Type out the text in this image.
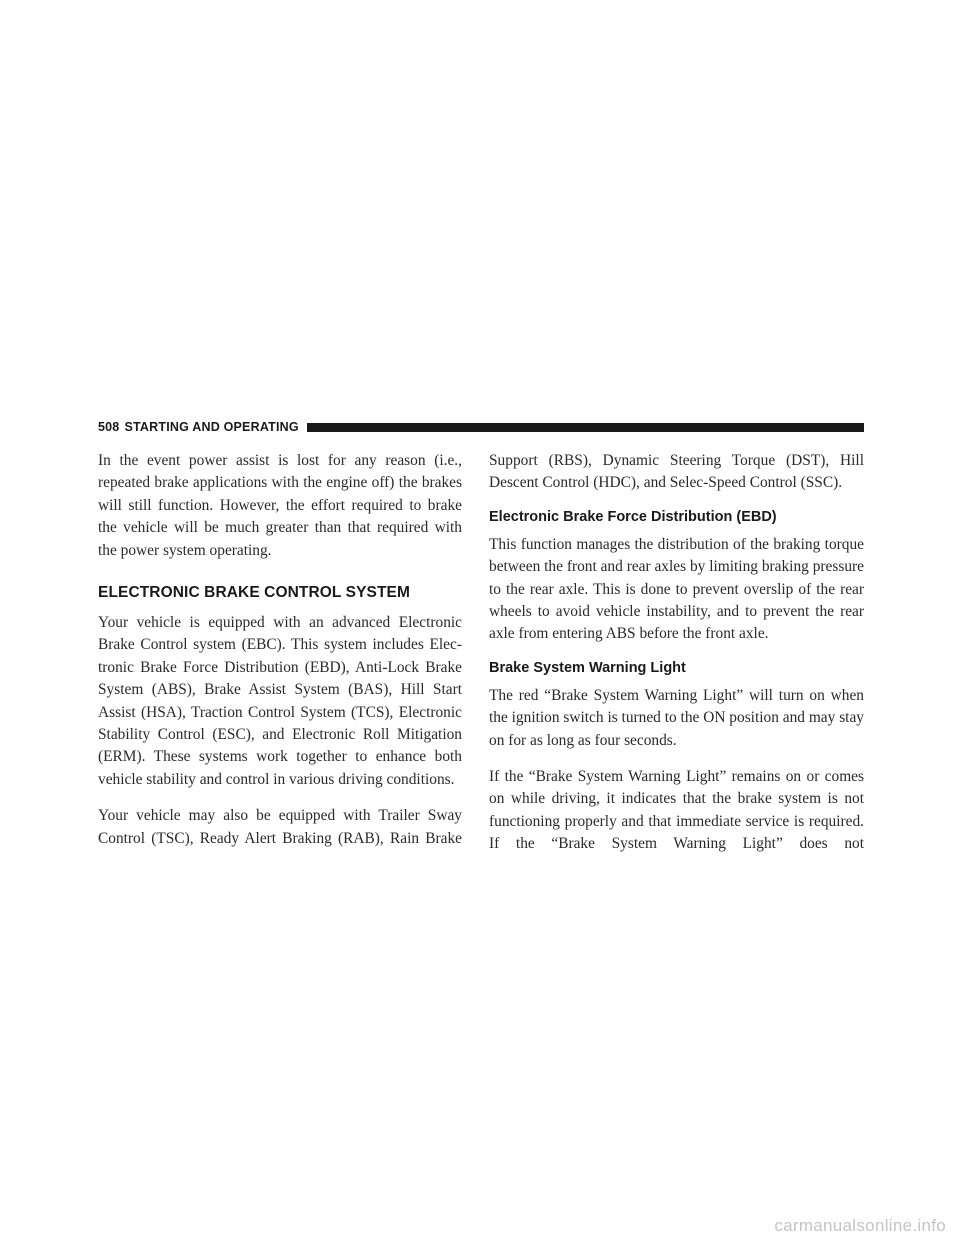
508 STARTING AND OPERATING

In the event power assist is lost for any reason (i.e., repeated brake applications with the engine off) the brakes will still function. However, the effort required to brake the vehicle will be much greater than that required with the power system operating.

ELECTRONIC BRAKE CONTROL SYSTEM

Your vehicle is equipped with an advanced Electronic Brake Control system (EBC). This system includes Electronic Brake Force Distribution (EBD), Anti-Lock Brake System (ABS), Brake Assist System (BAS), Hill Start Assist (HSA), Traction Control System (TCS), Electronic Stability Control (ESC), and Electronic Roll Mitigation (ERM). These systems work together to enhance both vehicle stability and control in various driving conditions.

Your vehicle may also be equipped with Trailer Sway Control (TSC), Ready Alert Braking (RAB), Rain Brake

Support (RBS), Dynamic Steering Torque (DST), Hill Descent Control (HDC), and Selec-Speed Control (SSC).

Electronic Brake Force Distribution (EBD)

This function manages the distribution of the braking torque between the front and rear axles by limiting braking pressure to the rear axle. This is done to prevent overslip of the rear wheels to avoid vehicle instability, and to prevent the rear axle from entering ABS before the front axle.

Brake System Warning Light

The red “Brake System Warning Light” will turn on when the ignition switch is turned to the ON position and may stay on for as long as four seconds.

If the “Brake System Warning Light” remains on or comes on while driving, it indicates that the brake system is not functioning properly and that immediate service is required. If the “Brake System Warning Light” does not

carmanualsonline.info
